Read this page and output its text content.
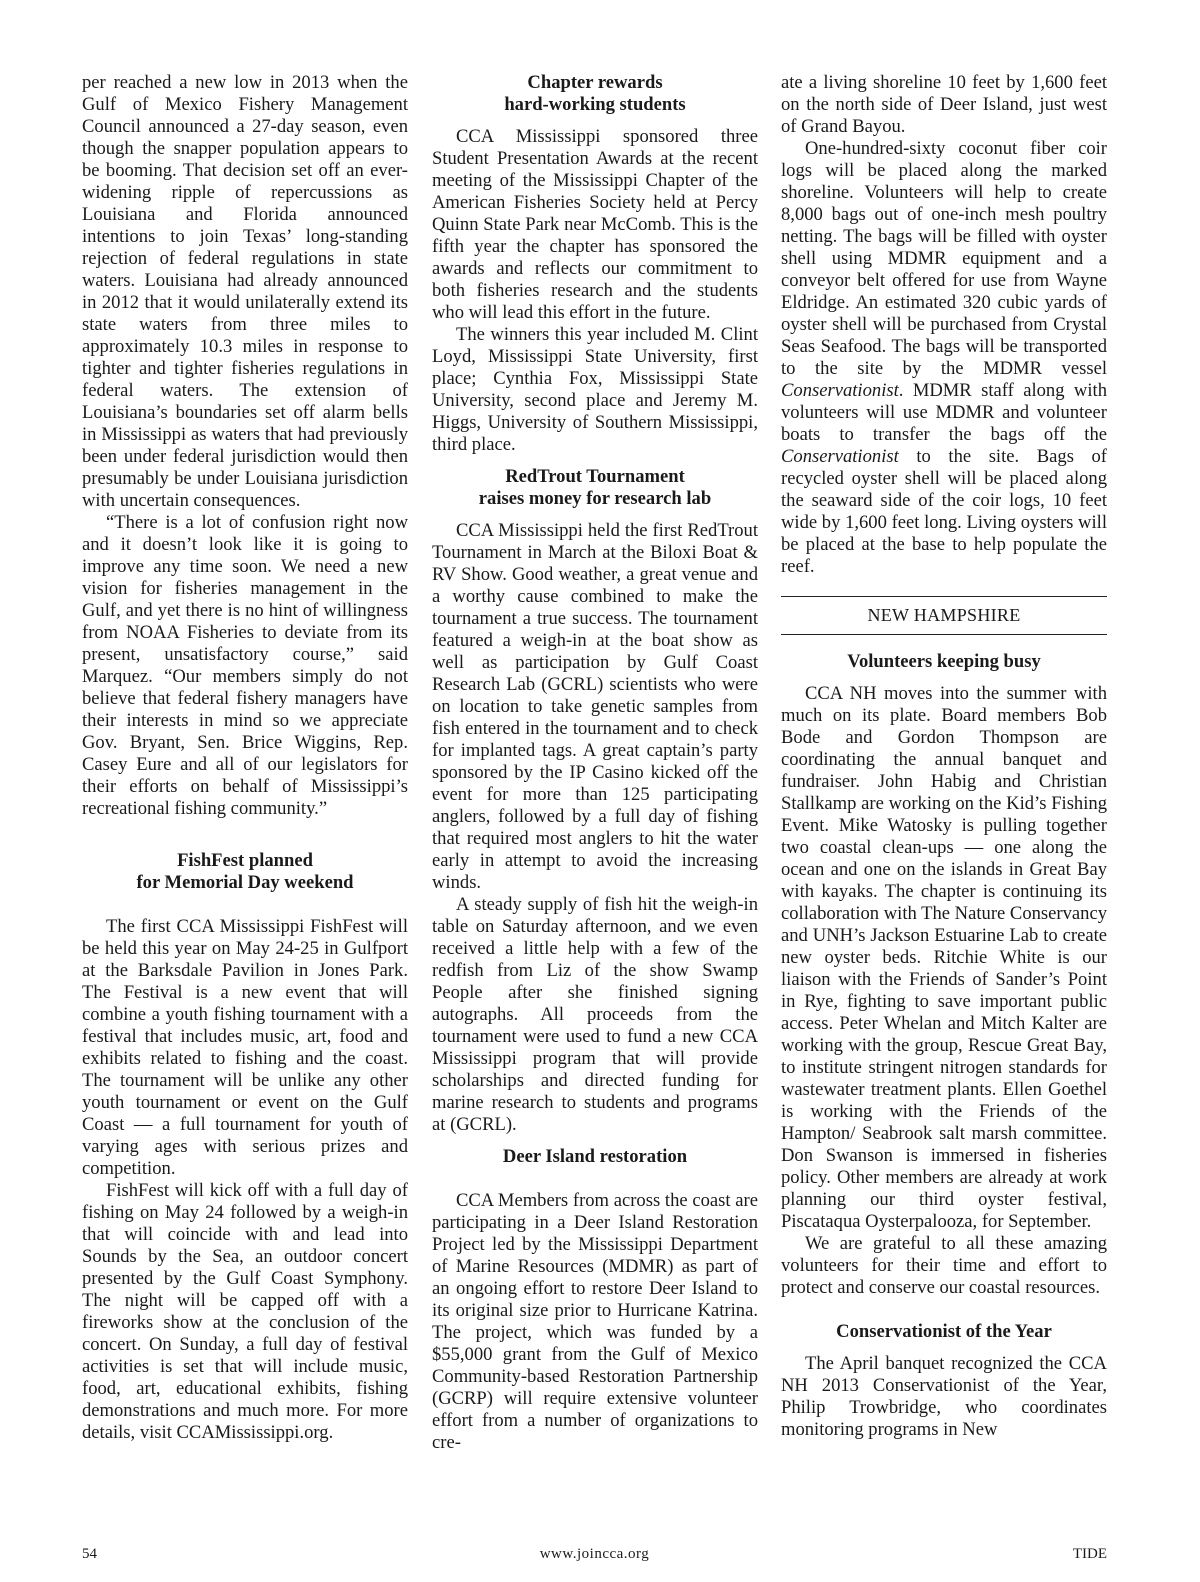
per reached a new low in 2013 when the Gulf of Mexico Fishery Management Council announced a 27-day season, even though the snapper population appears to be booming. That decision set off an ever-widening ripple of repercussions as Louisiana and Florida announced intentions to join Texas’ long-standing rejection of federal regulations in state waters. Louisiana had already announced in 2012 that it would unilaterally extend its state waters from three miles to approximately 10.3 miles in response to tighter and tighter fisheries regulations in federal waters. The extension of Louisiana’s boundaries set off alarm bells in Mississippi as waters that had previously been under federal jurisdiction would then presumably be under Louisiana jurisdiction with uncertain consequences.

“There is a lot of confusion right now and it doesn’t look like it is going to improve any time soon. We need a new vision for fisheries management in the Gulf, and yet there is no hint of willingness from NOAA Fisheries to deviate from its present, unsatisfactory course,” said Marquez. “Our members simply do not believe that federal fishery managers have their interests in mind so we appreciate Gov. Bryant, Sen. Brice Wiggins, Rep. Casey Eure and all of our legislators for their efforts on behalf of Mississippi’s recreational fishing community.”

FishFest planned
for Memorial Day weekend

The first CCA Mississippi FishFest will be held this year on May 24-25 in Gulfport at the Barksdale Pavilion in Jones Park. The Festival is a new event that will combine a youth fishing tournament with a festival that includes music, art, food and exhibits related to fishing and the coast. The tournament will be unlike any other youth tournament or event on the Gulf Coast — a full tournament for youth of varying ages with serious prizes and competition.

FishFest will kick off with a full day of fishing on May 24 followed by a weigh-in that will coincide with and lead into Sounds by the Sea, an outdoor concert presented by the Gulf Coast Symphony. The night will be capped off with a fireworks show at the conclusion of the concert. On Sunday, a full day of festival activities is set that will include music, food, art, educational exhibits, fishing demonstrations and much more. For more details, visit CCAMississippi.org.

Chapter rewards
hard-working students

CCA Mississippi sponsored three Student Presentation Awards at the recent meeting of the Mississippi Chapter of the American Fisheries Society held at Percy Quinn State Park near McComb. This is the fifth year the chapter has sponsored the awards and reflects our commitment to both fisheries research and the students who will lead this effort in the future.

The winners this year included M. Clint Loyd, Mississippi State University, first place; Cynthia Fox, Mississippi State University, second place and Jeremy M. Higgs, University of Southern Mississippi, third place.

RedTrout Tournament
raises money for research lab

CCA Mississippi held the first RedTrout Tournament in March at the Biloxi Boat & RV Show. Good weather, a great venue and a worthy cause combined to make the tournament a true success. The tournament featured a weigh-in at the boat show as well as participation by Gulf Coast Research Lab (GCRL) scientists who were on location to take genetic samples from fish entered in the tournament and to check for implanted tags. A great captain’s party sponsored by the IP Casino kicked off the event for more than 125 participating anglers, followed by a full day of fishing that required most anglers to hit the water early in attempt to avoid the increasing winds.

A steady supply of fish hit the weigh-in table on Saturday afternoon, and we even received a little help with a few of the redfish from Liz of the show Swamp People after she finished signing autographs. All proceeds from the tournament were used to fund a new CCA Mississippi program that will provide scholarships and directed funding for marine research to students and programs at (GCRL).

Deer Island restoration

CCA Members from across the coast are participating in a Deer Island Restoration Project led by the Mississippi Department of Marine Resources (MDMR) as part of an ongoing effort to restore Deer Island to its original size prior to Hurricane Katrina. The project, which was funded by a $55,000 grant from the Gulf of Mexico Community-based Restoration Partnership (GCRP) will require extensive volunteer effort from a number of organizations to cre-

ate a living shoreline 10 feet by 1,600 feet on the north side of Deer Island, just west of Grand Bayou.

One-hundred-sixty coconut fiber coir logs will be placed along the marked shoreline. Volunteers will help to create 8,000 bags out of one-inch mesh poultry netting. The bags will be filled with oyster shell using MDMR equipment and a conveyor belt offered for use from Wayne Eldridge. An estimated 320 cubic yards of oyster shell will be purchased from Crystal Seas Seafood. The bags will be transported to the site by the MDMR vessel Conservationist. MDMR staff along with volunteers will use MDMR and volunteer boats to transfer the bags off the Conservationist to the site. Bags of recycled oyster shell will be placed along the seaward side of the coir logs, 10 feet wide by 1,600 feet long. Living oysters will be placed at the base to help populate the reef.

NEW HAMPSHIRE
Volunteers keeping busy

CCA NH moves into the summer with much on its plate. Board members Bob Bode and Gordon Thompson are coordinating the annual banquet and fundraiser. John Habig and Christian Stallkamp are working on the Kid’s Fishing Event. Mike Watosky is pulling together two coastal clean-ups — one along the ocean and one on the islands in Great Bay with kayaks. The chapter is continuing its collaboration with The Nature Conservancy and UNH’s Jackson Estuarine Lab to create new oyster beds. Ritchie White is our liaison with the Friends of Sander’s Point in Rye, fighting to save important public access. Peter Whelan and Mitch Kalter are working with the group, Rescue Great Bay, to institute stringent nitrogen standards for wastewater treatment plants. Ellen Goethel is working with the Friends of the Hampton/ Seabrook salt marsh committee. Don Swanson is immersed in fisheries policy. Other members are already at work planning our third oyster festival, Piscataqua Oysterpalooza, for September.

We are grateful to all these amazing volunteers for their time and effort to protect and conserve our coastal resources.

Conservationist of the Year

The April banquet recognized the CCA NH 2013 Conservationist of the Year, Philip Trowbridge, who coordinates monitoring programs in New

54	www.joincca.org	TIDE
